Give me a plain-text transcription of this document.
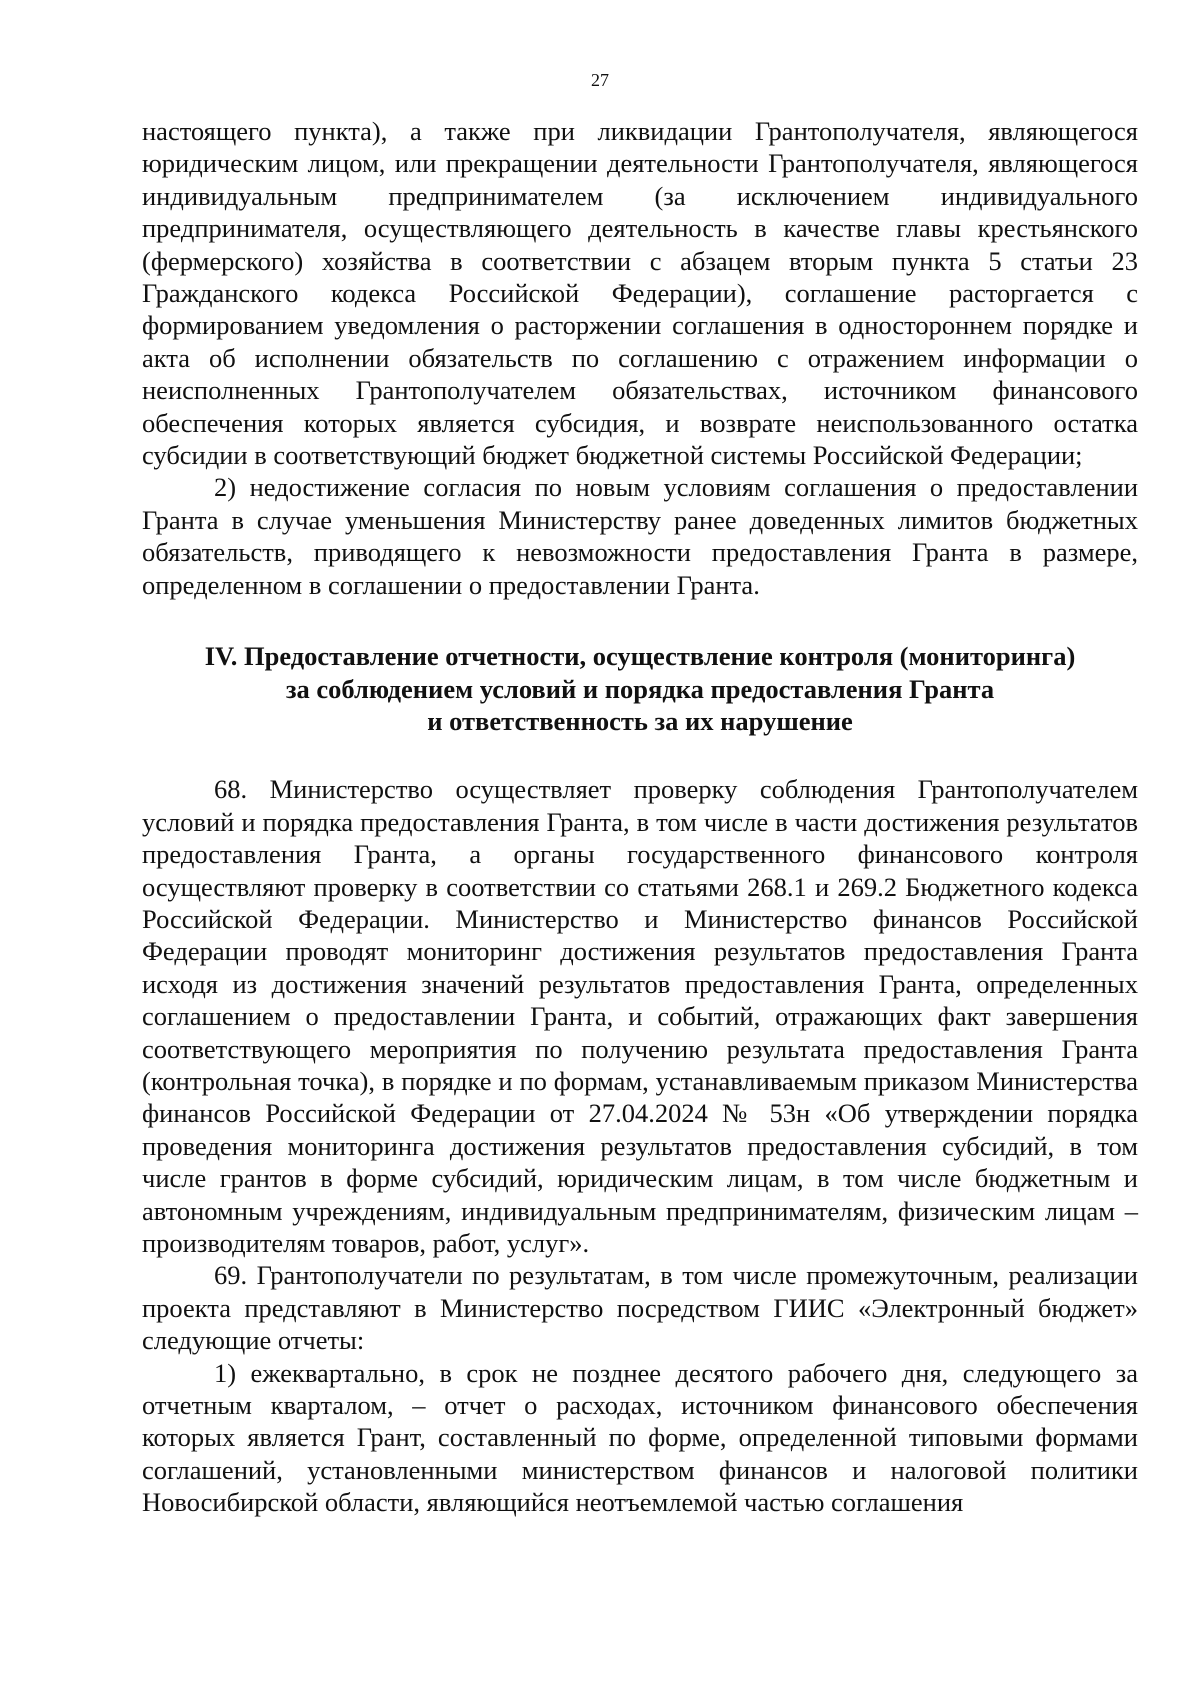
27

настоящего пункта), а также при ликвидации Грантополучателя, являющегося юридическим лицом, или прекращении деятельности Грантополучателя, являющегося индивидуальным предпринимателем (за исключением индивидуального предпринимателя, осуществляющего деятельность в качестве главы крестьянского (фермерского) хозяйства в соответствии с абзацем вторым пункта 5 статьи 23 Гражданского кодекса Российской Федерации), соглашение расторгается с формированием уведомления о расторжении соглашения в одностороннем порядке и акта об исполнении обязательств по соглашению с отражением информации о неисполненных Грантополучателем обязательствах, источником финансового обеспечения которых является субсидия, и возврате неиспользованного остатка субсидии в соответствующий бюджет бюджетной системы Российской Федерации;

2) недостижение согласия по новым условиям соглашения о предоставлении Гранта в случае уменьшения Министерству ранее доведенных лимитов бюджетных обязательств, приводящего к невозможности предоставления Гранта в размере, определенном в соглашении о предоставлении Гранта.

IV. Предоставление отчетности, осуществление контроля (мониторинга)
за соблюдением условий и порядка предоставления Гранта
и ответственность за их нарушение

68. Министерство осуществляет проверку соблюдения Грантополучателем условий и порядка предоставления Гранта, в том числе в части достижения результатов предоставления Гранта, а органы государственного финансового контроля осуществляют проверку в соответствии со статьями 268.1 и 269.2 Бюджетного кодекса Российской Федерации. Министерство и Министерство финансов Российской Федерации проводят мониторинг достижения результатов предоставления Гранта исходя из достижения значений результатов предоставления Гранта, определенных соглашением о предоставлении Гранта, и событий, отражающих факт завершения соответствующего мероприятия по получению результата предоставления Гранта (контрольная точка), в порядке и по формам, устанавливаемым приказом Министерства финансов Российской Федерации от 27.04.2024 № 53н «Об утверждении порядка проведения мониторинга достижения результатов предоставления субсидий, в том числе грантов в форме субсидий, юридическим лицам, в том числе бюджетным и автономным учреждениям, индивидуальным предпринимателям, физическим лицам – производителям товаров, работ, услуг».

69. Грантополучатели по результатам, в том числе промежуточным, реализации проекта представляют в Министерство посредством ГИИС «Электронный бюджет» следующие отчеты:

1) ежеквартально, в срок не позднее десятого рабочего дня, следующего за отчетным кварталом, – отчет о расходах, источником финансового обеспечения которых является Грант, составленный по форме, определенной типовыми формами соглашений, установленными министерством финансов и налоговой политики Новосибирской области, являющийся неотъемлемой частью соглашения
